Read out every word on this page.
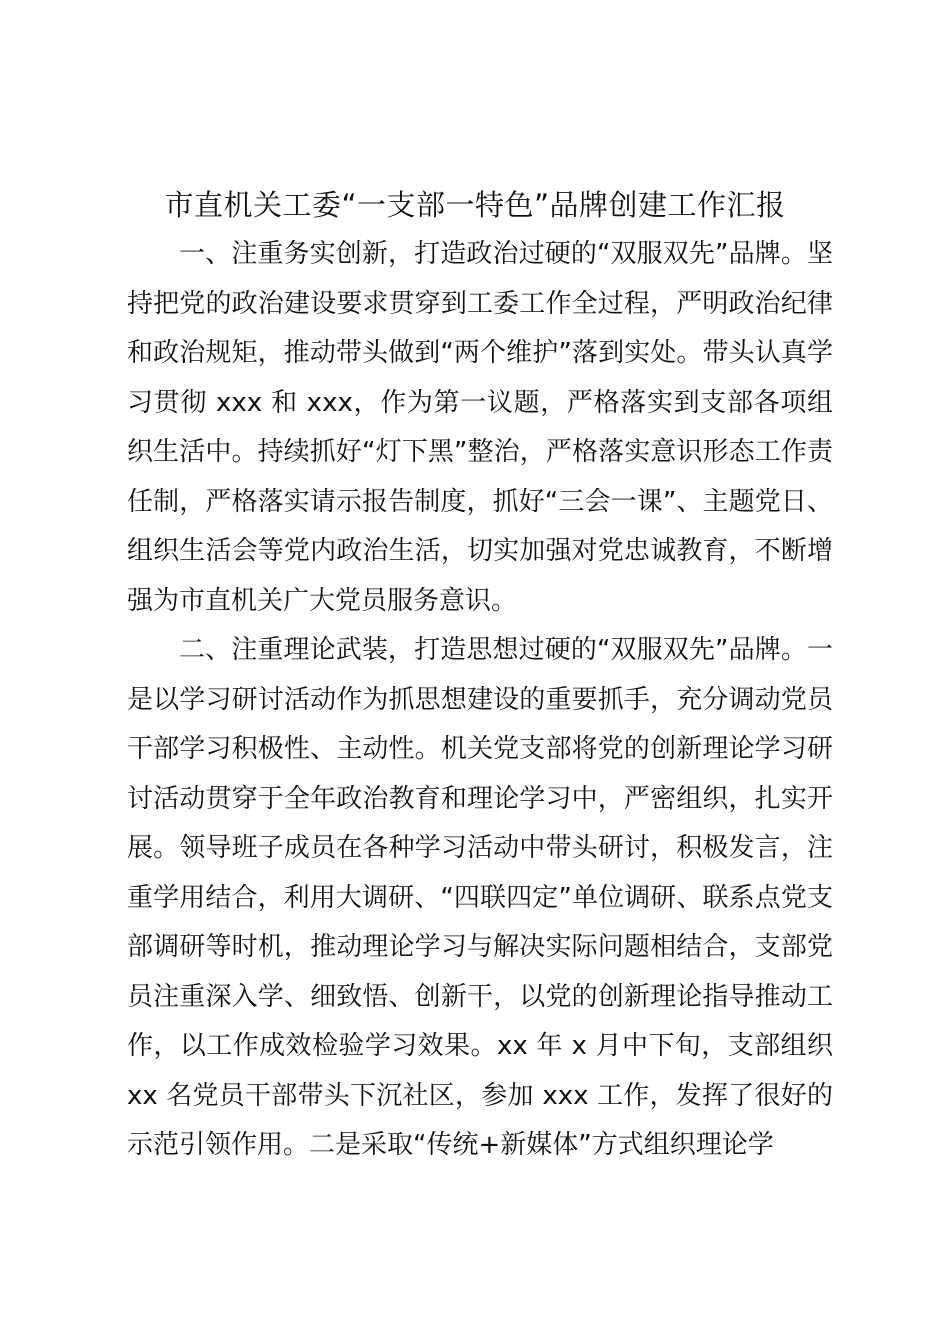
市直机关工委“一支部一特色”品牌创建工作汇报

一、注重务实创新，打造政治过硬的“双服双先”品牌。坚持把党的政治建设要求贯穿到工委工作全过程，严明政治纪律和政治规矩，推动带头做到“两个维护”落到实处。带头认真学习贯彻 xxx 和 xxx，作为第一议题，严格落实到支部各项组织生活中。持续抓好“灯下黑”整治，严格落实意识形态工作责任制，严格落实请示报告制度，抓好“三会一课”、主题党日、组织生活会等党内政治生活，切实加强对党忠诚教育，不断增强为市直机关广大党员服务意识。

二、注重理论武装，打造思想过硬的“双服双先”品牌。一是以学习研讨活动作为抓思想建设的重要抓手，充分调动党员干部学习积极性、主动性。机关党支部将党的创新理论学习研讨活动贯穿于全年政治教育和理论学习中，严密组织，扎实开展。领导班子成员在各种学习活动中带头研讨，积极发言，注重学用结合，利用大调研、“四联四定”单位调研、联系点党支部调研等时机，推动理论学习与解决实际问题相结合，支部党员注重深入学、细致悟、创新干，以党的创新理论指导推动工作，以工作成效检验学习效果。xx 年 x 月中下旬，支部组织 xx 名党员干部带头下沉社区，参加 xxx 工作，发挥了很好的示范引领作用。二是采取“传统+新媒体”方式组织理论学
